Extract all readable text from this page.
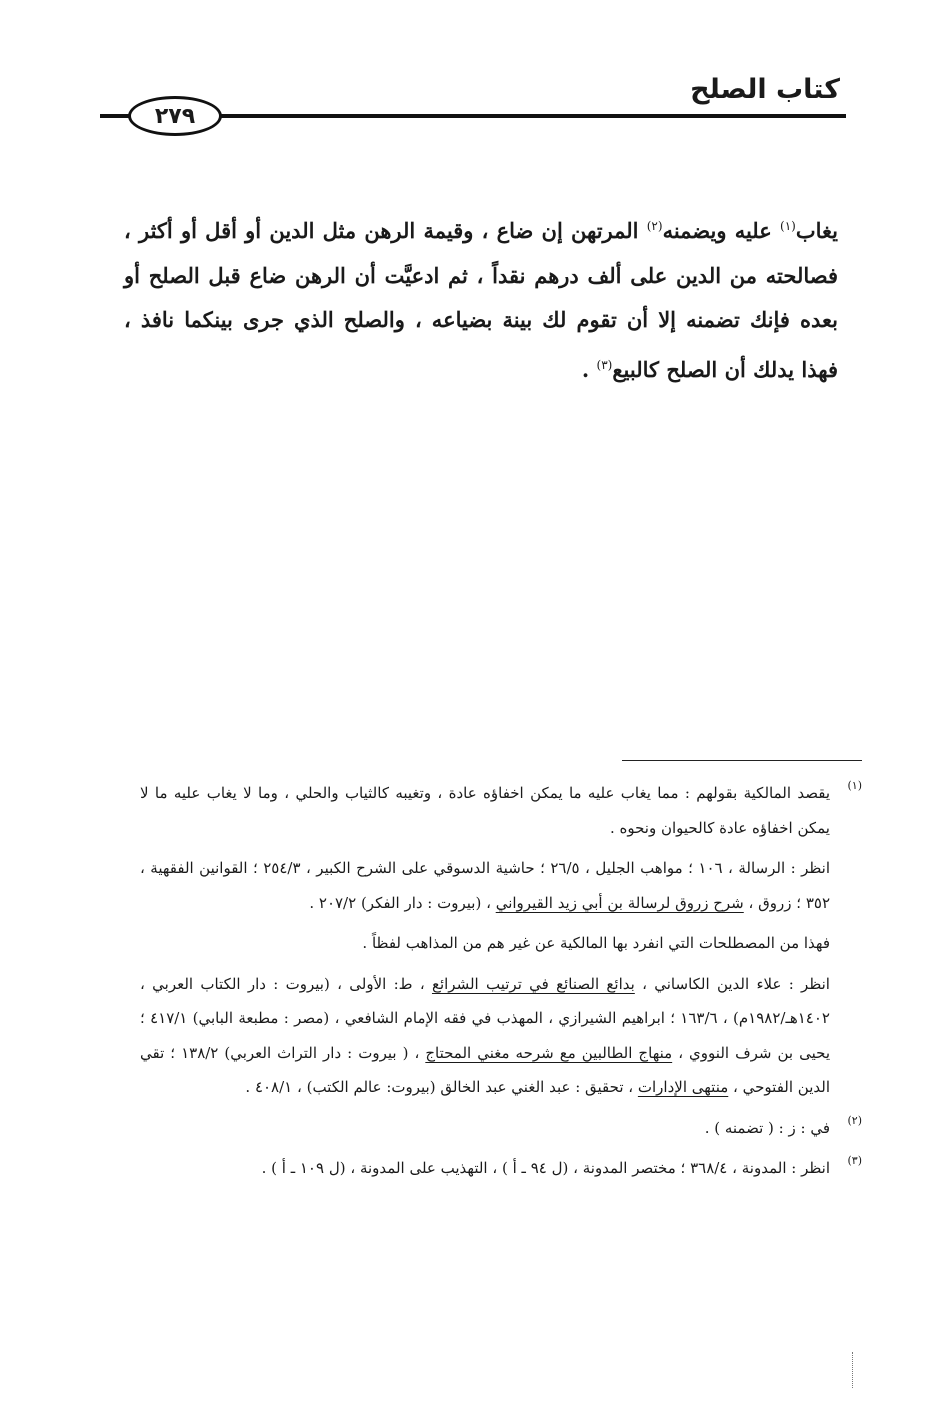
كتاب الصلح
٢٧٩
يغاب$^{(١)}$ عليه ويضمنه$^{(٢)}$ المرتهن إن ضاع ، وقيمة الرهن مثل الدين أو أقل أو أكثر ، فصالحته من الدين على ألف درهم نقداً ، ثم ادعيَّت أن الرهن ضاع قبل الصلح أو بعده فإنك تضمنه إلا أن تقوم لك بينة بضياعه ، والصلح الذي جرى بينكما نافذ ، فهذا يدلك أن الصلح كالبيع$^{(٣)}$ .
(١)

يقصد المالكية بقولهم : مما يغاب عليه ما يمكن اخفاؤه عادة ، وتغيبه كالثياب والحلي ، وما لا يغاب عليه ما لا يمكن اخفاؤه عادة كالحيوان ونحوه .

انظر : الرسالة ، ١٠٦ ؛ مواهب الجليل ، ٢٦/٥ ؛ حاشية الدسوقي على الشرح الكبير ، ٢٥٤/٣ ؛ القوانين الفقهية ، ٣٥٢ ؛ زروق ، شرح زروق لرسالة بن أبي زيد القيرواني ، (بيروت : دار الفكر) ٢٠٧/٢ .

فهذا من المصطلحات التي انفرد بها المالكية عن غير هم من المذاهب لفظاً .

انظر : علاء الدين الكاساني ، بدائع الصنائع في ترتيب الشرائع ، ط: الأولى ، (بيروت : دار الكتاب العربي ، ١٤٠٢هـ/١٩٨٢م) ، ١٦٣/٦ ؛ ابراهيم الشيرازي ، المهذب في فقه الإمام الشافعي ، (مصر : مطبعة البابي) ٤١٧/١ ؛ يحيى بن شرف النووي ، منهاج الطالبين مع شرحه مغني المحتاج ، ( بيروت : دار التراث العربي) ١٣٨/٢ ؛ تقي الدين الفتوحي ، منتهى الإدارات ، تحقيق : عبد الغني عبد الخالق (بيروت: عالم الكتب) ، ٤٠٨/١ .

(٢)

في : ز : ( تضمنه ) .

(٣)

انظر : المدونة ، ٣٦٨/٤ ؛ مختصر المدونة ، (ل ٩٤ ـ أ ) ، التهذيب على المدونة ، (ل ١٠٩ ـ أ ) .
